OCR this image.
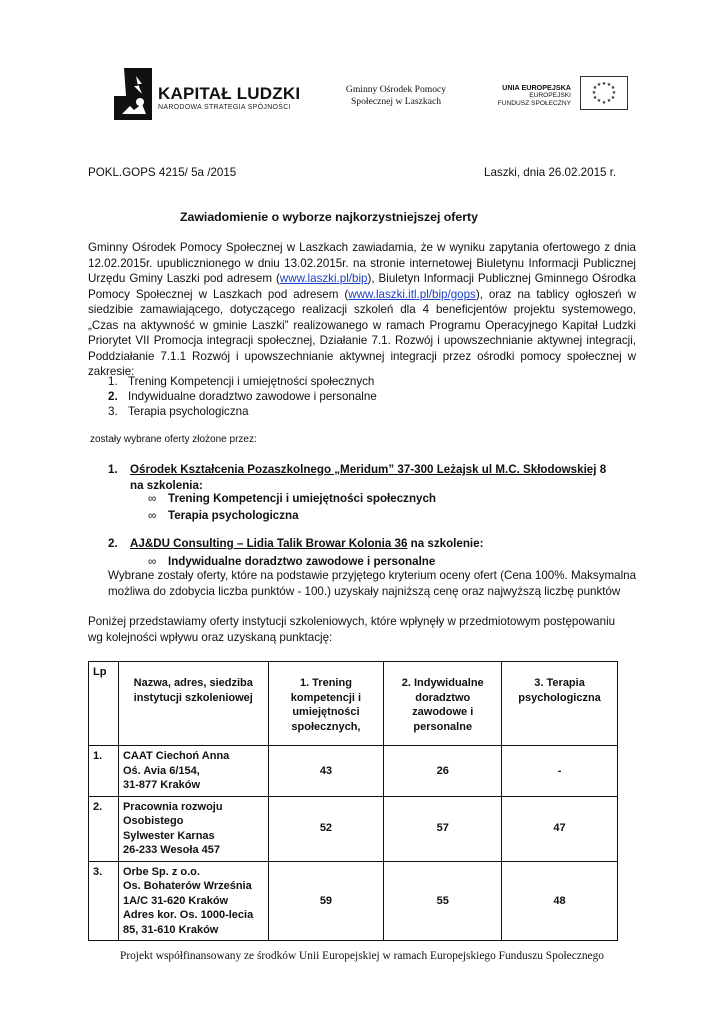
KAPITAŁ LUDZKI
NARODOWA STRATEGIA SPÓJNOŚCI
Gminny Ośrodek Pomocy
Społecznej w Laszkach
UNIA EUROPEJSKA
EUROPEJSKI
FUNDUSZ SPOŁECZNY
★ ★ ★
★
★
★
★
★
★
★
★ ★
POKL.GOPS 4215/ 5a /2015	Laszki, dnia 26.02.2015 r.
Zawiadomienie o wyborze najkorzystniejszej oferty
Gminny Ośrodek Pomocy Społecznej w Laszkach zawiadamia, że w wyniku zapytania ofertowego z dnia 12.02.2015r. upublicznionego w dniu 13.02.2015r. na stronie internetowej Biuletynu Informacji Publicznej Urzędu Gminy Laszki pod adresem (www.laszki.pl/bip), Biuletyn Informacji Publicznej Gminnego Ośrodka Pomocy Społecznej w Laszkach pod adresem (www.laszki.itl.pl/bip/gops), oraz na tablicy ogłoszeń w siedzibie zamawiającego, dotyczącego realizacji szkoleń dla 4 beneficjentów projektu systemowego, „Czas na aktywność w gminie Laszki” realizowanego w ramach Programu Operacyjnego Kapitał Ludzki Priorytet VII Promocja integracji społecznej, Działanie 7.1. Rozwój i upowszechnianie aktywnej integracji, Poddziałanie 7.1.1 Rozwój i upowszechnianie aktywnej integracji przez ośrodki pomocy społecznej w zakresie:
1. Trening Kompetencji i umiejętności społecznych
2. Indywidualne doradztwo zawodowe i personalne
3. Terapia psychologiczna
zostały wybrane oferty złożone przez:
1. Ośrodek Kształcenia Pozaszkolnego „Meridum” 37-300 Leżajsk ul M.C. Skłodowskiej 8
na szkolenia:
∞ Trening Kompetencji i umiejętności społecznych
∞ Terapia psychologiczna
2. AJ&DU Consulting – Lidia Talik Browar Kolonia 36 na szkolenie:
∞ Indywidualne doradztwo zawodowe i personalne
Wybrane zostały oferty, które na podstawie przyjętego kryterium oceny ofert (Cena 100%. Maksymalna możliwa do zdobycia liczba punktów - 100.) uzyskały najniższą cenę oraz najwyższą liczbę punktów
Poniżej przedstawiamy oferty instytucji szkoleniowych, które wpłynęły w przedmiotowym postępowaniu wg kolejności wpływu oraz uzyskaną punktację:
Lp	Nazwa, adres, siedziba instytucji szkoleniowej	1. Trening kompetencji i umiejętności społecznych,	2. Indywidualne doradztwo zawodowe i personalne	3. Terapia psychologiczna
1.	CAAT Ciechoń Anna
Oś. Avia 6/154,
31-877 Kraków	43	26	-
2.	Pracownia rozwoju
Osobistego
Sylwester Karnas
26-233 Wesoła 457	52	57	47
3.	Orbe Sp. z o.o.
Os. Bohaterów Września
1A/C 31-620 Kraków
Adres kor. Os. 1000-lecia
85, 31-610 Kraków	59	55	48
Projekt współfinansowany ze środków Unii Europejskiej w ramach Europejskiego Funduszu Społecznego
